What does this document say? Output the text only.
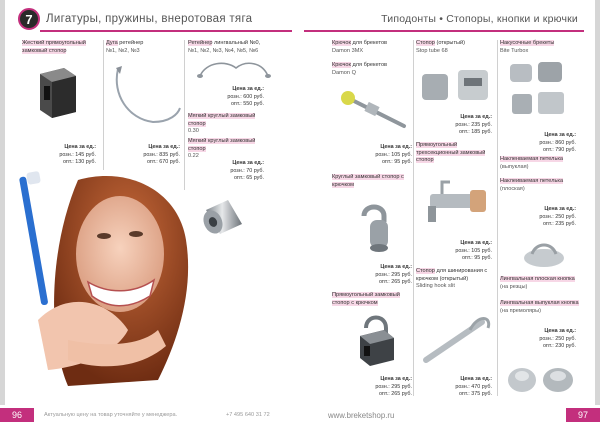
7	Лигатуры, пружины, внеротовая тяга	Типодонты • Стопоры, кнопки и крючки
Жесткий прямоугольный замковый стопор
Цена за ед.:
розн.: 145 руб.
опт.: 130 руб.
Дуга ретейнер
№1, №2, №3
Цена за ед.:
розн.: 835 руб.
опт.: 670 руб.
Ретейнер лингвальный №0,
№1, №2, №3, №4, №5, №6
Цена за ед.:
розн.: 600 руб.
опт.: 550 руб.
Мягкий круглый замковый стопор
0.30
Мягкий круглый замковый стопор
0.22
Цена за ед.:
розн.: 70 руб.
опт.: 65 руб.
Крючок для брекетов
Damon 3MX
Крючок для брекетов
Damon Q
Цена за ед.:
розн.: 105 руб.
опт.: 95 руб.
Круглый замковый стопор с крючком
Цена за ед.:
розн.: 295 руб.
опт.: 265 руб.
Прямоугольный замковый стопор с крючком
Цена за ед.:
розн.: 295 руб.
опт.: 265 руб.
Стопор (открытый)
Stop tube 68
Цена за ед.:
розн.: 235 руб.
опт.: 185 руб.
Прямоугольный трехсекционный замковый стопор
Цена за ед.:
розн.: 105 руб.
опт.: 95 руб.
Стопор для шинирования с крючком (открытый)
Sliding hook slit
Цена за ед.:
розн.: 470 руб.
опт.: 375 руб.
Накусочные брекеты
Bite Turbox
Цена за ед.:
розн.: 860 руб.
опт.: 790 руб.
Накленваемая петелька
(выпуклая)
Наклеиваемая петелька
(плоская)
Цена за ед.:
розн.: 250 руб.
опт.: 235 руб.
Лингвальная плоская кнопка
(на резцы)
Лингвальная выпуклая кнопка
(на премоляры)
Цена за ед.:
розн.: 250 руб.
опт.: 230 руб.
96	Актуальную цену на товар уточняйте у менеджера.	+7 495 640 31 72	www.breketshop.ru	97
